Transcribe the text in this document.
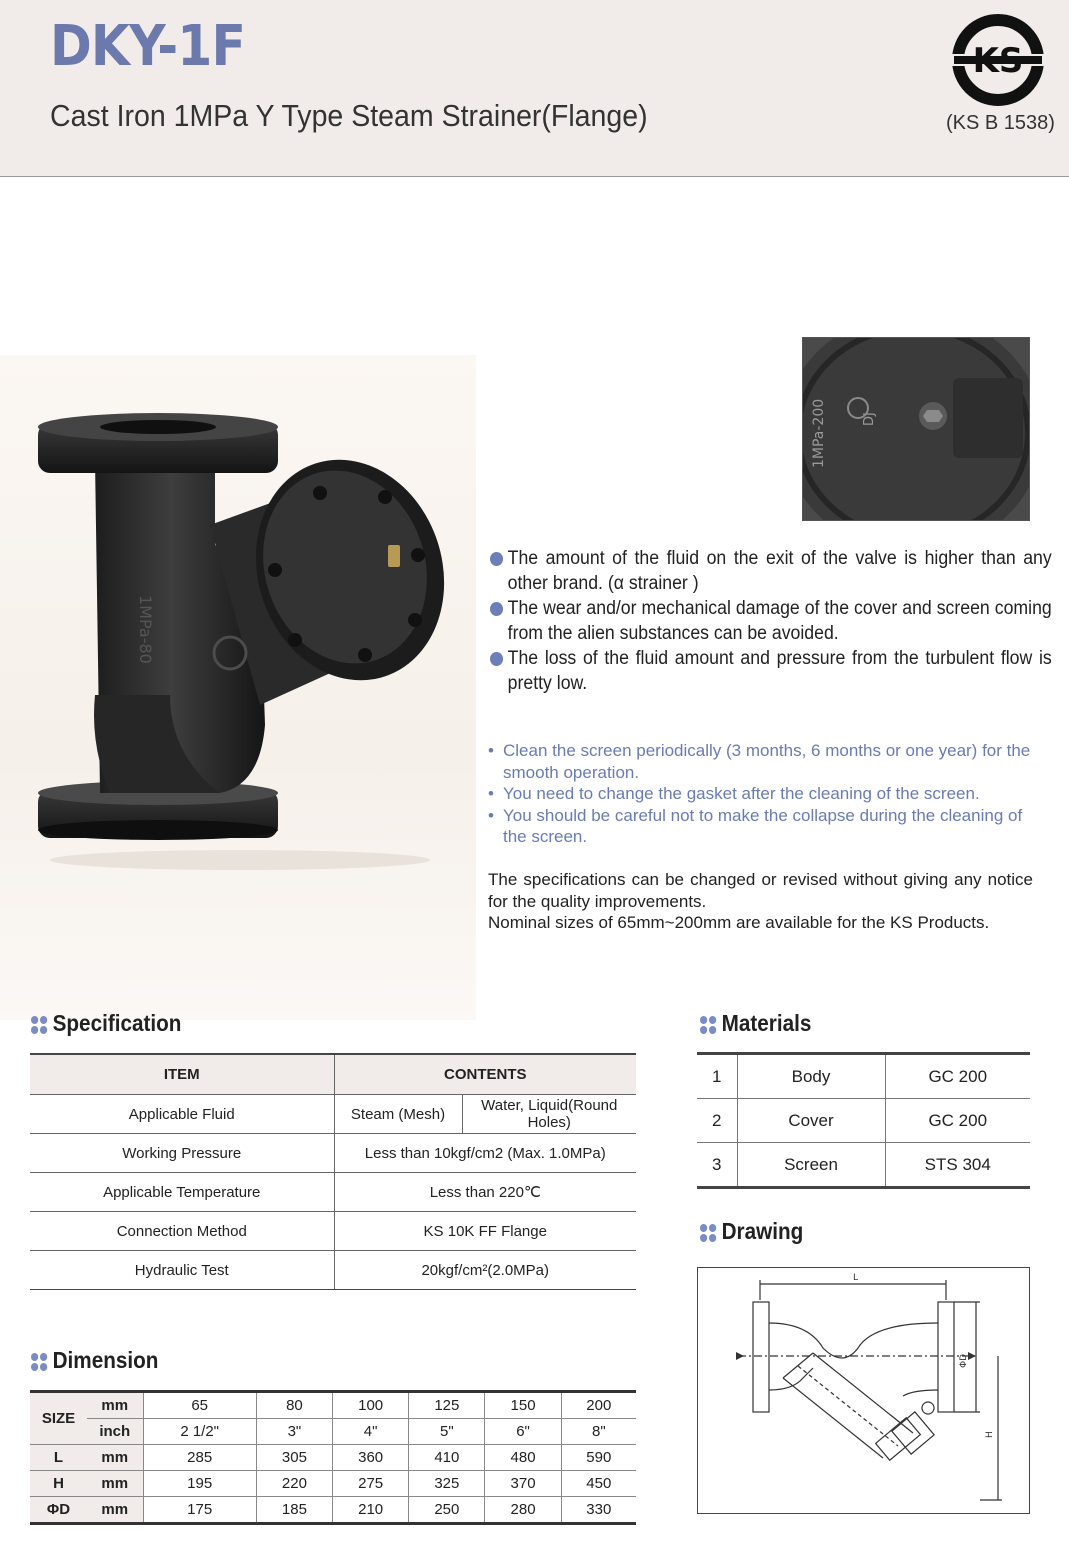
DKY-1F
Cast Iron 1MPa Y Type Steam Strainer(Flange)
KS
(KS B 1538)
1MPa-80
1MPa-200	DJ
The amount of the fluid on the exit of the valve is higher than any other brand. (α strainer )
The wear and/or mechanical damage of the cover and screen coming from the alien substances can be avoided.
The loss of the fluid amount and pressure from the turbulent flow is pretty low.
• Clean the screen periodically (3 months, 6 months or one year) for the smooth operation.
• You need to change the gasket after the cleaning of the screen.
• You should be careful not to make the collapse during the cleaning of the screen.
The specifications can be changed or revised without giving any notice for the quality improvements.
Nominal sizes of 65mm~200mm are available for the KS Products.
Specification
ITEM	CONTENTS	
Applicable Fluid	Steam (Mesh)	Water, Liquid(Round Holes)
Working Pressure	Less than 10kgf/cm2 (Max. 1.0MPa)	
Applicable Temperature	Less than 220℃	
Connection Method	KS 10K FF Flange	
Hydraulic Test	20kgf/cm²(2.0MPa)	
Materials
1	Body	GC 200
2	Cover	GC 200
3	Screen	STS 304
Drawing
L
ΦD
H
Dimension
SIZE	mm	65	80	100	125	150	200
	inch	2 1/2"	3"	4"	5"	6"	8"
L	mm	285	305	360	410	480	590
H	mm	195	220	275	325	370	450
ΦD	mm	175	185	210	250	280	330
